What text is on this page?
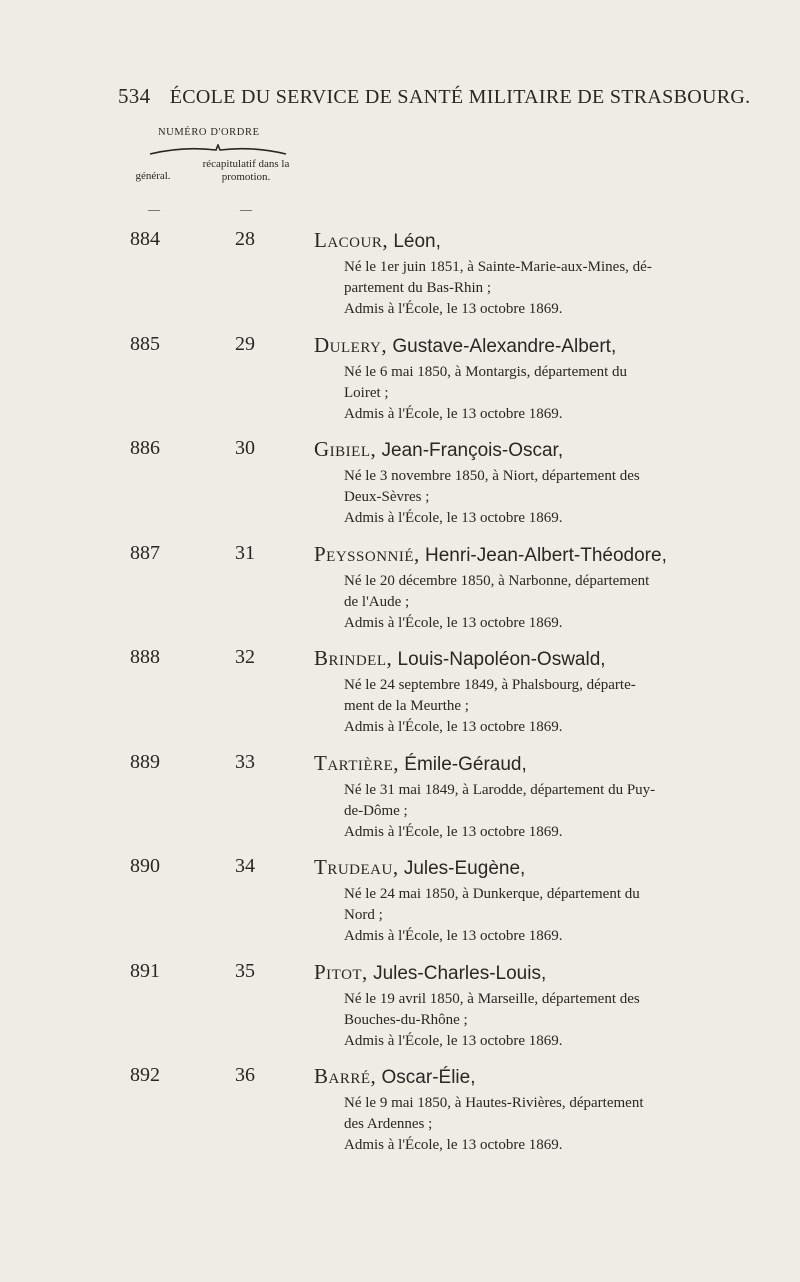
534 ÉCOLE DU SERVICE DE SANTÉ MILITAIRE DE STRASBOURG.
NUMÉRO D'ORDRE
général.
récapitulatif dans la promotion.
—	—
884	28	Lacour, Léon,
Né le 1er juin 1851, à Sainte-Marie-aux-Mines, dé-
partement du Bas-Rhin ;
Admis à l'École, le 13 octobre 1869.
885	29	Dulery, Gustave-Alexandre-Albert,
Né le 6 mai 1850, à Montargis, département du
Loiret ;
Admis à l'École, le 13 octobre 1869.
886	30	Gibiel, Jean-François-Oscar,
Né le 3 novembre 1850, à Niort, département des
Deux-Sèvres ;
Admis à l'École, le 13 octobre 1869.
887	31	Peyssonnié, Henri-Jean-Albert-Théodore,
Né le 20 décembre 1850, à Narbonne, département
de l'Aude ;
Admis à l'École, le 13 octobre 1869.
888	32	Brindel, Louis-Napoléon-Oswald,
Né le 24 septembre 1849, à Phalsbourg, départe-
ment de la Meurthe ;
Admis à l'École, le 13 octobre 1869.
889	33	Tartière, Émile-Géraud,
Né le 31 mai 1849, à Larodde, département du Puy-
de-Dôme ;
Admis à l'École, le 13 octobre 1869.
890	34	Trudeau, Jules-Eugène,
Né le 24 mai 1850, à Dunkerque, département du
Nord ;
Admis à l'École, le 13 octobre 1869.
891	35	Pitot, Jules-Charles-Louis,
Né le 19 avril 1850, à Marseille, département des
Bouches-du-Rhône ;
Admis à l'École, le 13 octobre 1869.
892	36	Barré, Oscar-Élie,
Né le 9 mai 1850, à Hautes-Rivières, département
des Ardennes ;
Admis à l'École, le 13 octobre 1869.
